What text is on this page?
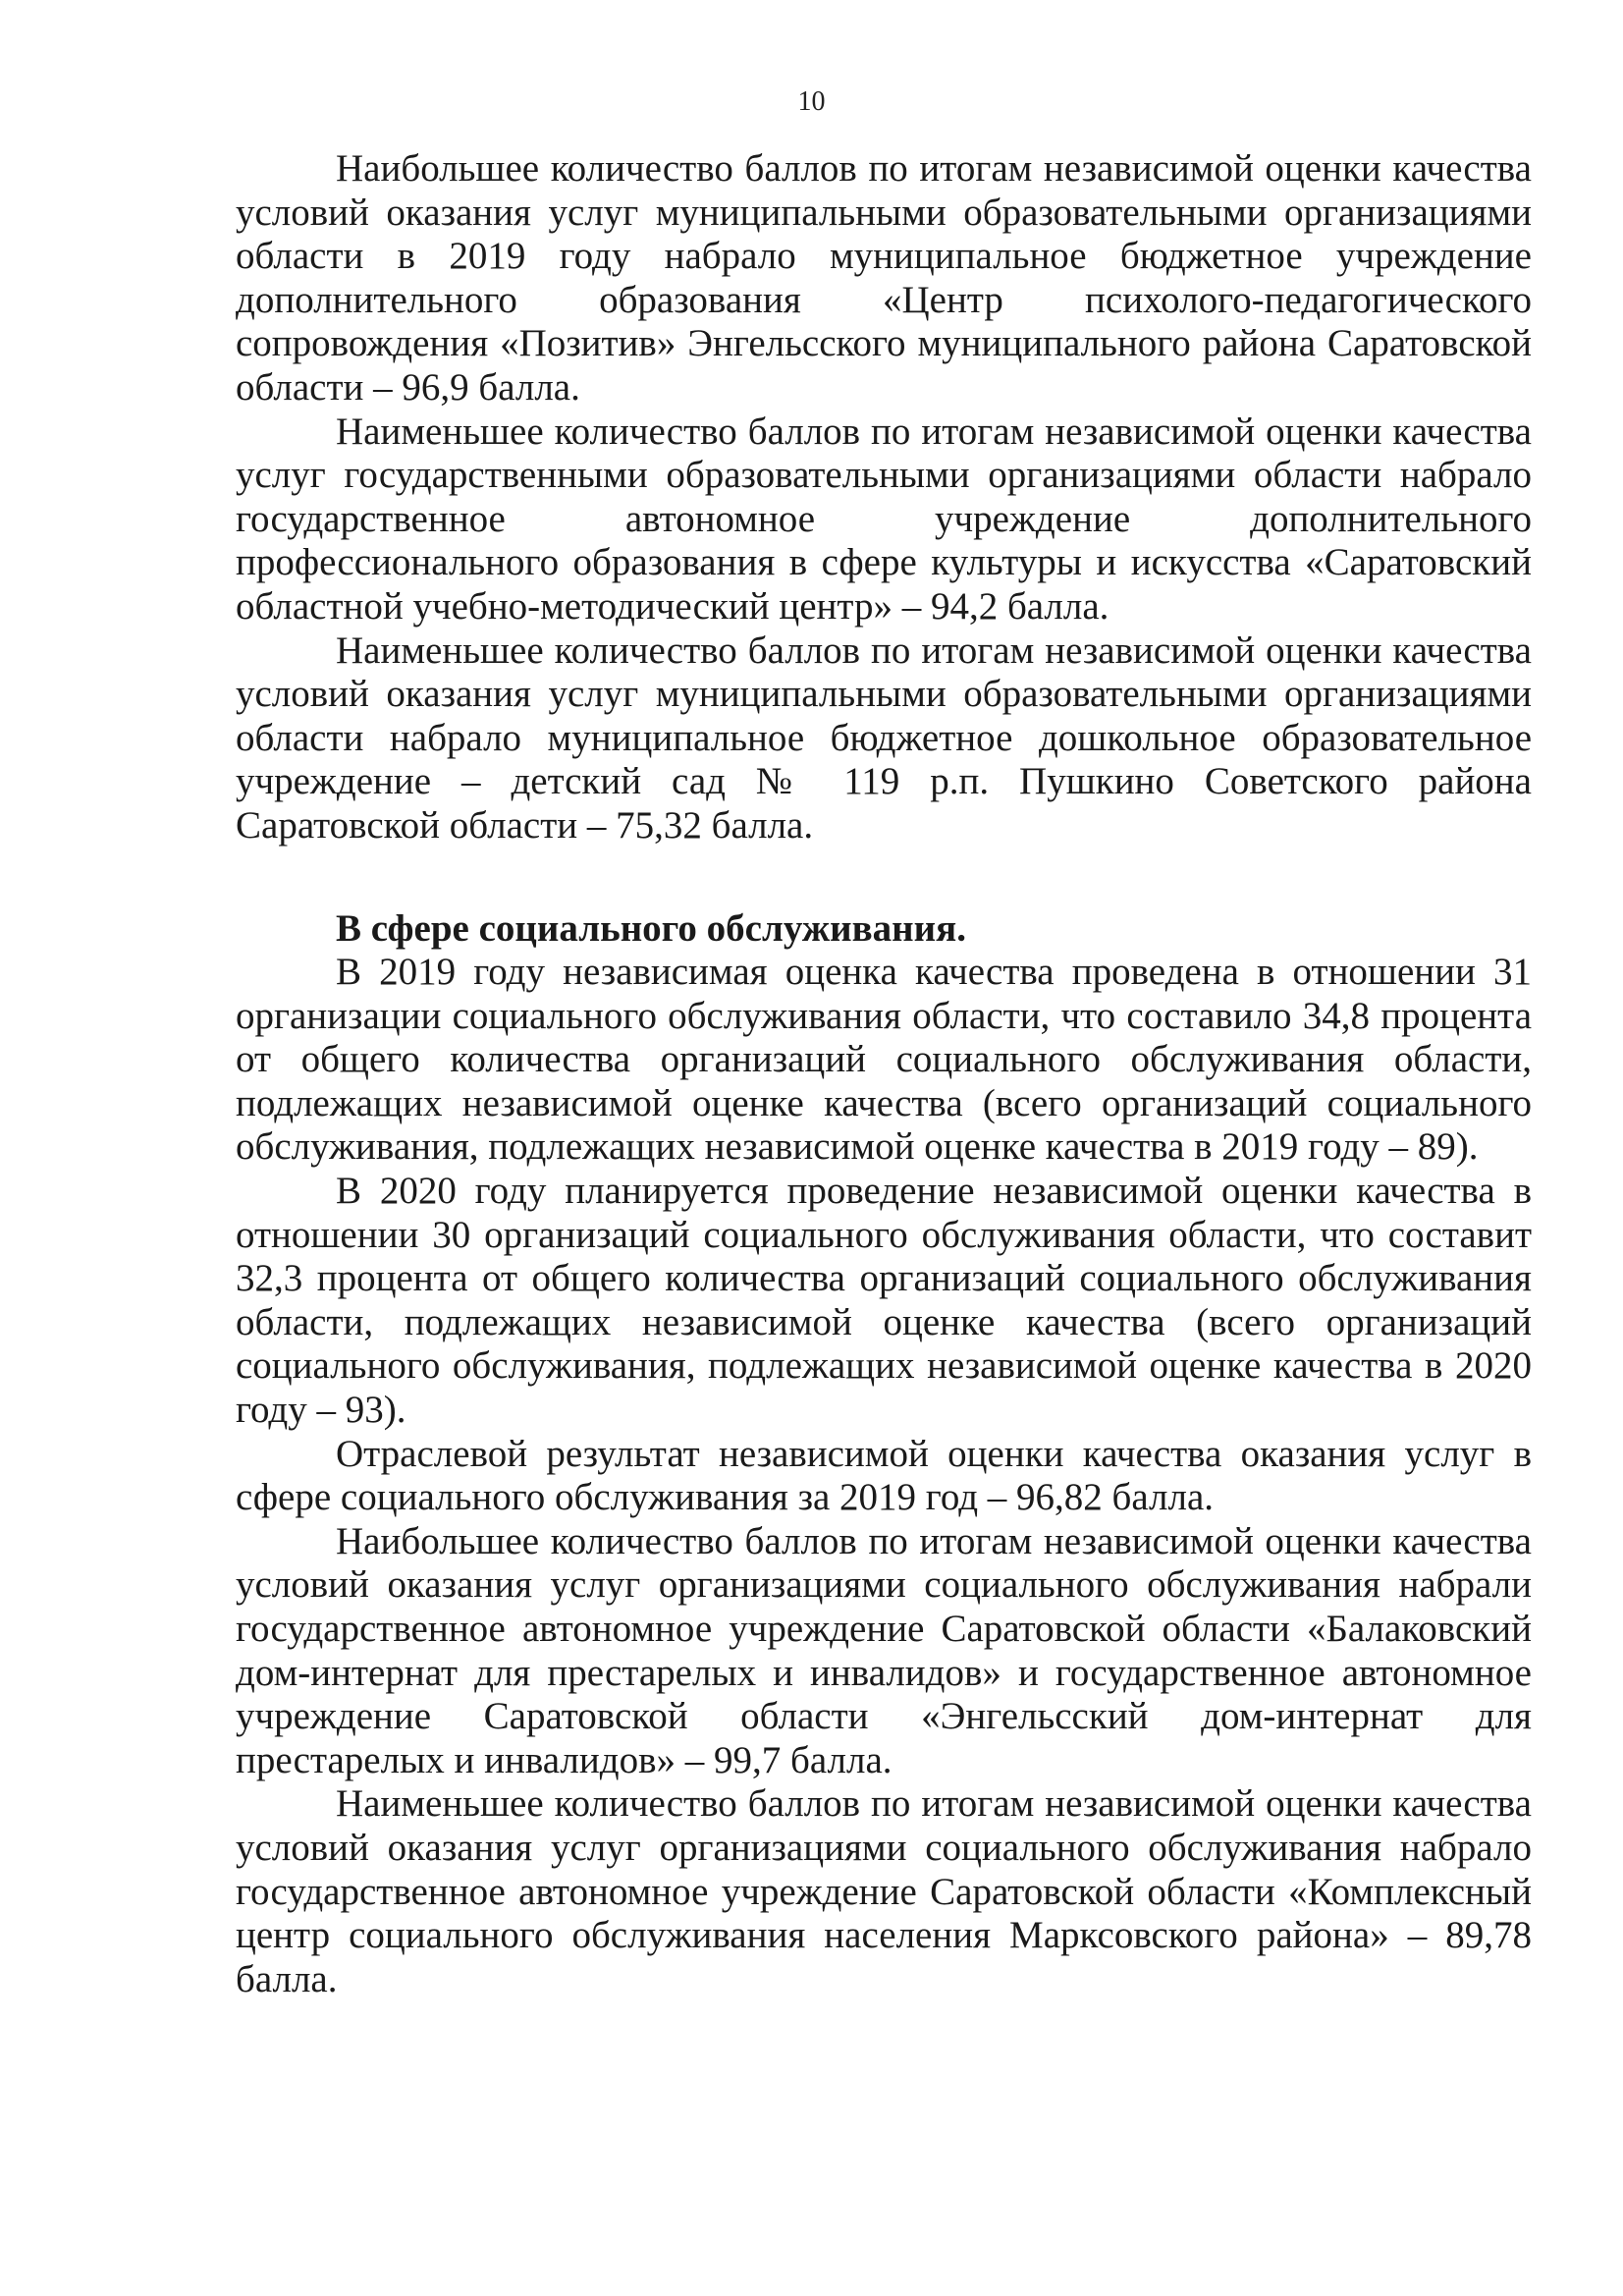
10

Наибольшее количество баллов по итогам независимой оценки качества условий оказания услуг муниципальными образовательными организациями области в 2019 году набрало муниципальное бюджетное учреждение дополнительного образования «Центр психолого-педагогического сопровождения «Позитив» Энгельсского муниципального района Саратовской области – 96,9 балла.

Наименьшее количество баллов по итогам независимой оценки качества услуг государственными образовательными организациями области набрало государственное автономное учреждение дополнительного профессионального образования в сфере культуры и искусства «Саратовский областной учебно-методический центр» – 94,2 балла.

Наименьшее количество баллов по итогам независимой оценки качества условий оказания услуг муниципальными образовательными организациями области набрало муниципальное бюджетное дошкольное образовательное учреждение – детский сад № 119 р.п. Пушкино Советского района Саратовской области – 75,32 балла.

В сфере социального обслуживания.

В 2019 году независимая оценка качества проведена в отношении 31 организации социального обслуживания области, что составило 34,8 процента от общего количества организаций социального обслуживания области, подлежащих независимой оценке качества (всего организаций социального обслуживания, подлежащих независимой оценке качества в 2019 году – 89).

В 2020 году планируется проведение независимой оценки качества в отношении 30 организаций социального обслуживания области, что составит 32,3 процента от общего количества организаций социального обслуживания области, подлежащих независимой оценке качества (всего организаций социального обслуживания, подлежащих независимой оценке качества в 2020 году – 93).

Отраслевой результат независимой оценки качества оказания услуг в сфере социального обслуживания за 2019 год – 96,82 балла.

Наибольшее количество баллов по итогам независимой оценки качества условий оказания услуг организациями социального обслуживания набрали государственное автономное учреждение Саратовской области «Балаковский дом-интернат для престарелых и инвалидов» и государственное автономное учреждение Саратовской области «Энгельсский дом-интернат для престарелых и инвалидов» – 99,7 балла.

Наименьшее количество баллов по итогам независимой оценки качества условий оказания услуг организациями социального обслуживания набрало государственное автономное учреждение Саратовской области «Комплексный центр социального обслуживания населения Марксовского района» – 89,78 балла.
